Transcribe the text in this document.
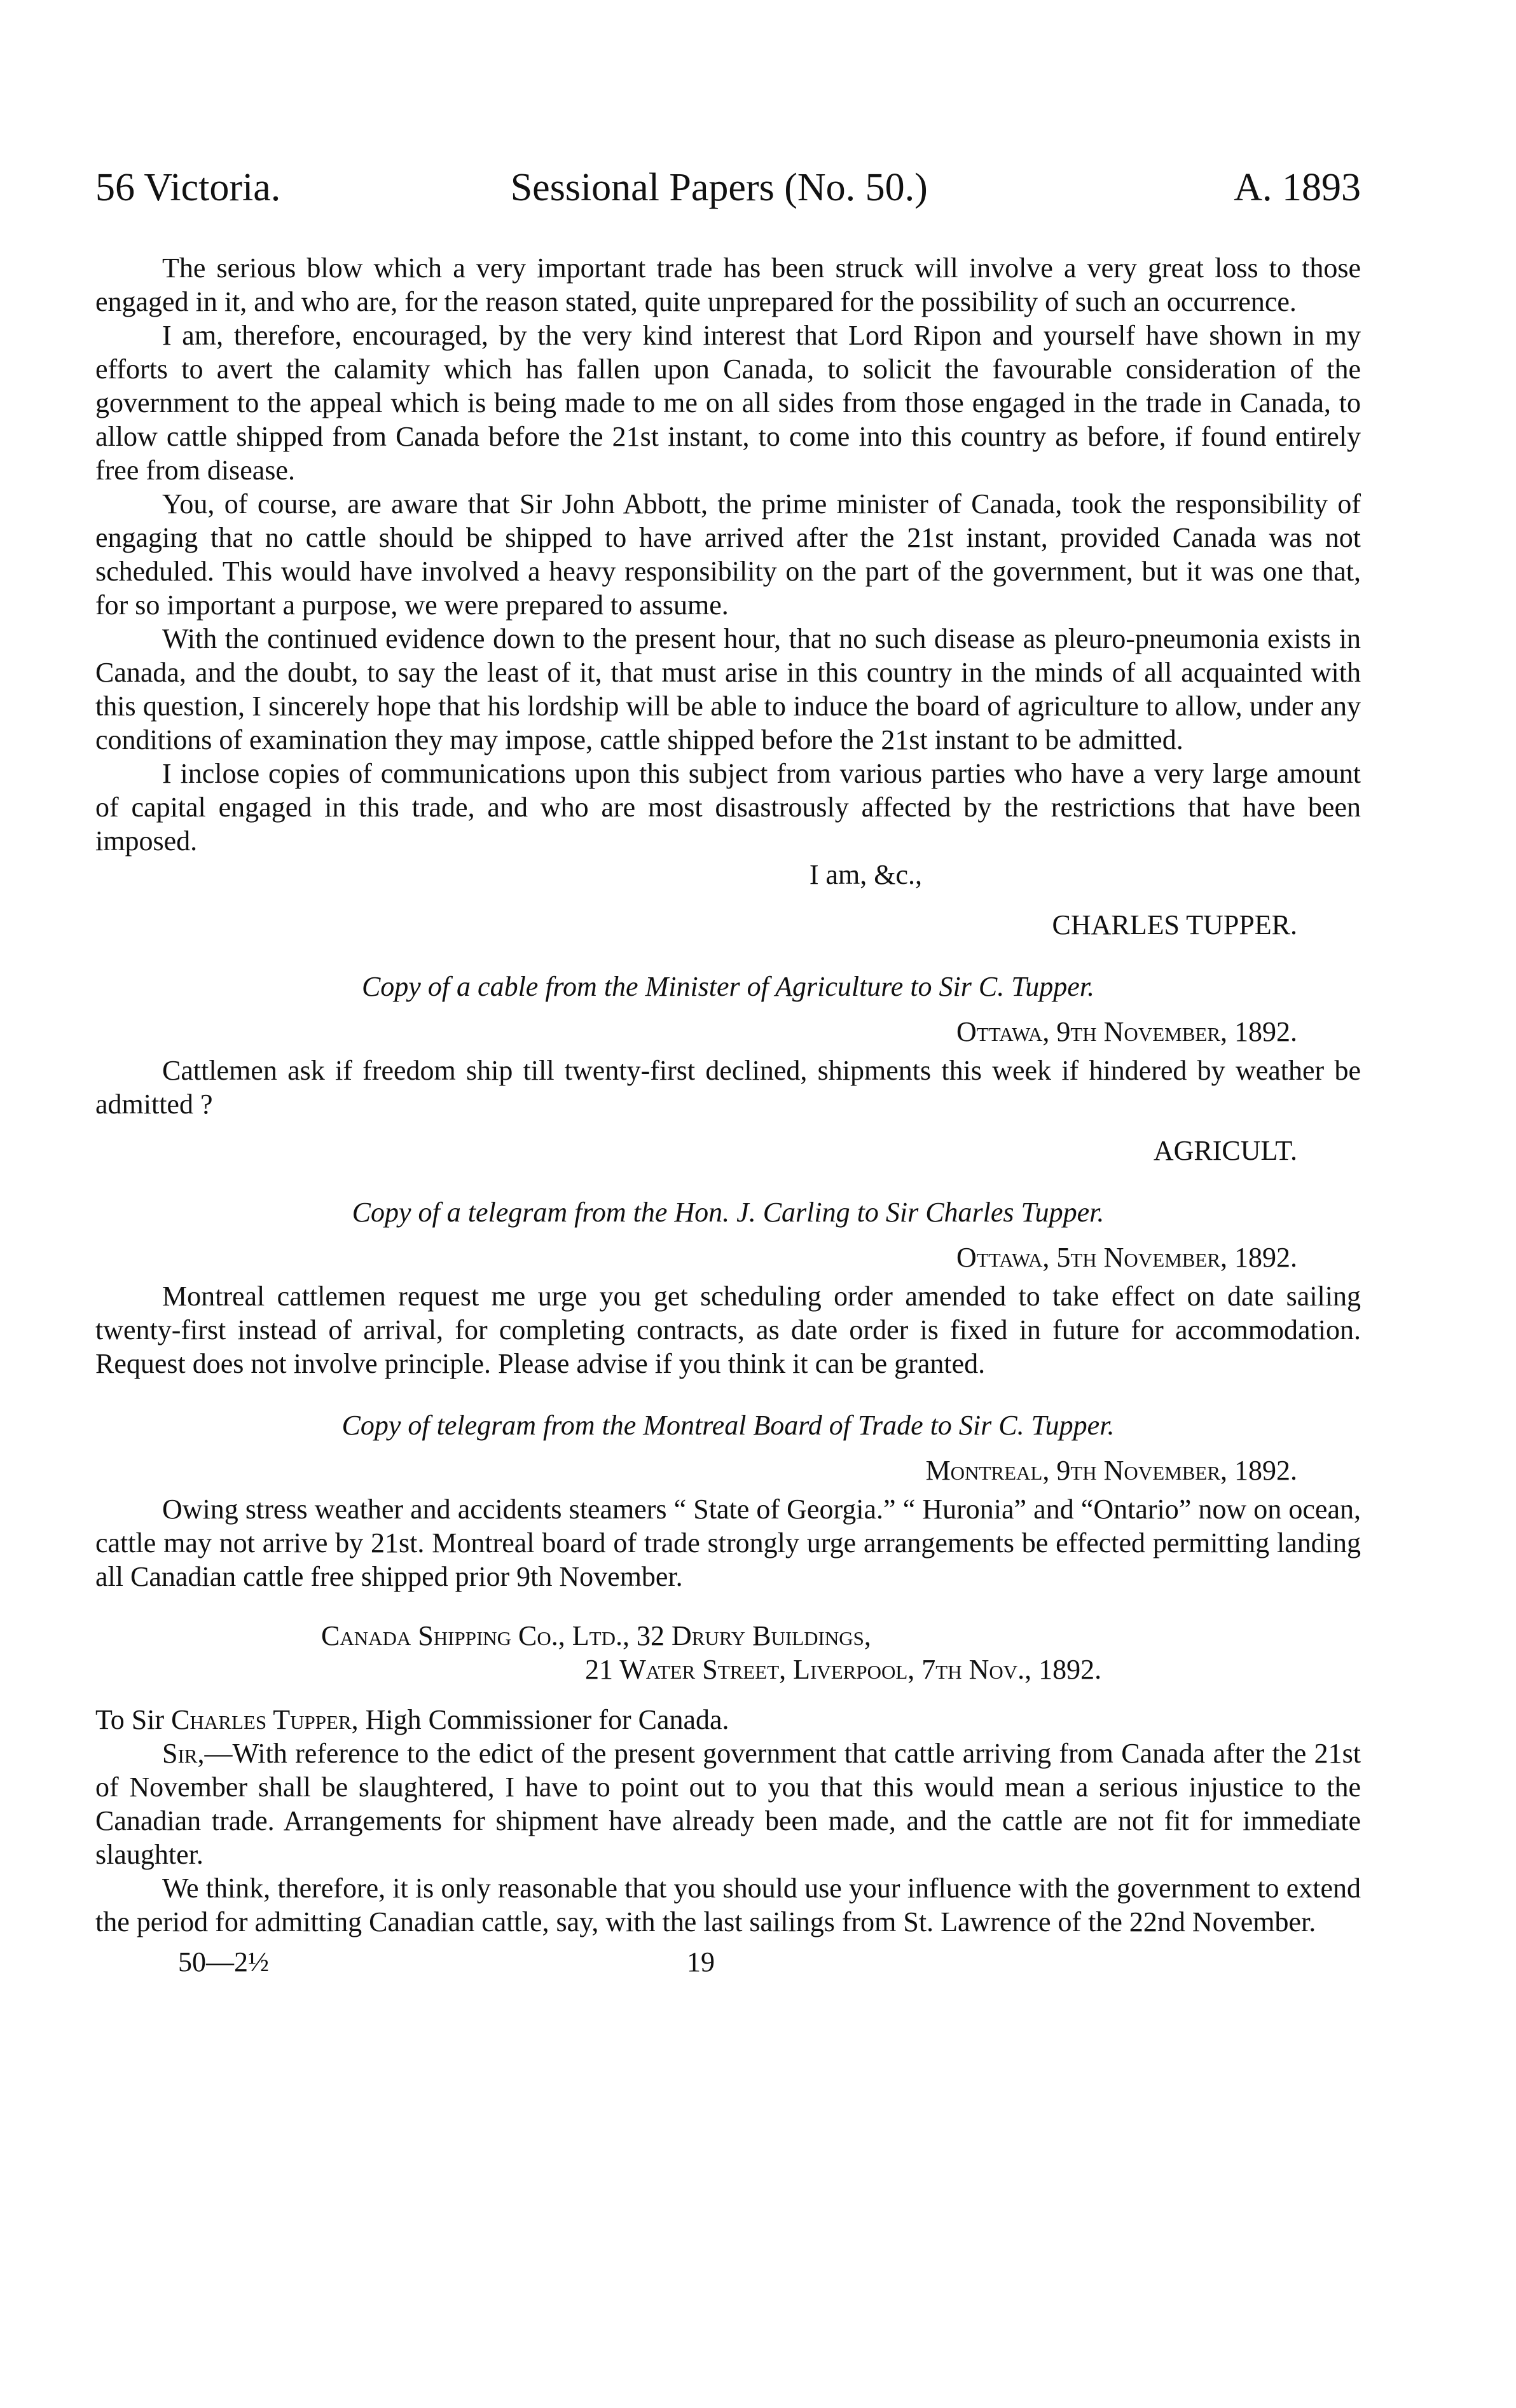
56 Victoria.	Sessional Papers (No. 50.)	A. 1893

The serious blow which a very important trade has been struck will involve a very great loss to those engaged in it, and who are, for the reason stated, quite unprepared for the possibility of such an occurrence.

I am, therefore, encouraged, by the very kind interest that Lord Ripon and yourself have shown in my efforts to avert the calamity which has fallen upon Canada, to solicit the favourable consideration of the government to the appeal which is being made to me on all sides from those engaged in the trade in Canada, to allow cattle shipped from Canada before the 21st instant, to come into this country as before, if found entirely free from disease.

You, of course, are aware that Sir John Abbott, the prime minister of Canada, took the responsibility of engaging that no cattle should be shipped to have arrived after the 21st instant, provided Canada was not scheduled. This would have involved a heavy responsibility on the part of the government, but it was one that, for so important a purpose, we were prepared to assume.

With the continued evidence down to the present hour, that no such disease as pleuro-pneumonia exists in Canada, and the doubt, to say the least of it, that must arise in this country in the minds of all acquainted with this question, I sincerely hope that his lordship will be able to induce the board of agriculture to allow, under any conditions of examination they may impose, cattle shipped before the 21st instant to be admitted.

I inclose copies of communications upon this subject from various parties who have a very large amount of capital engaged in this trade, and who are most disastrously affected by the restrictions that have been imposed.

I am, &c.,
CHARLES TUPPER.
Copy of a cable from the Minister of Agriculture to Sir C. Tupper.
Ottawa, 9th November, 1892.

Cattlemen ask if freedom ship till twenty-first declined, shipments this week if hindered by weather be admitted ?

AGRICULT.
Copy of a telegram from the Hon. J. Carling to Sir Charles Tupper.
Ottawa, 5th November, 1892.

Montreal cattlemen request me urge you get scheduling order amended to take effect on date sailing twenty-first instead of arrival, for completing contracts, as date order is fixed in future for accommodation. Request does not involve principle. Please advise if you think it can be granted.

Copy of telegram from the Montreal Board of Trade to Sir C. Tupper.
Montreal, 9th November, 1892.

Owing stress weather and accidents steamers “ State of Georgia.” “ Huronia” and “Ontario” now on ocean, cattle may not arrive by 21st. Montreal board of trade strongly urge arrangements be effected permitting landing all Canadian cattle free shipped prior 9th November.

Canada Shipping Co., Ltd., 32 Drury Buildings,
21 Water Street, Liverpool, 7th Nov., 1892.
To Sir Charles Tupper, High Commissioner for Canada.

Sir,—With reference to the edict of the present government that cattle arriving from Canada after the 21st of November shall be slaughtered, I have to point out to you that this would mean a serious injustice to the Canadian trade. Arrangements for shipment have already been made, and the cattle are not fit for immediate slaughter.

We think, therefore, it is only reasonable that you should use your influence with the government to extend the period for admitting Canadian cattle, say, with the last sailings from St. Lawrence of the 22nd November.

50—2½	19
